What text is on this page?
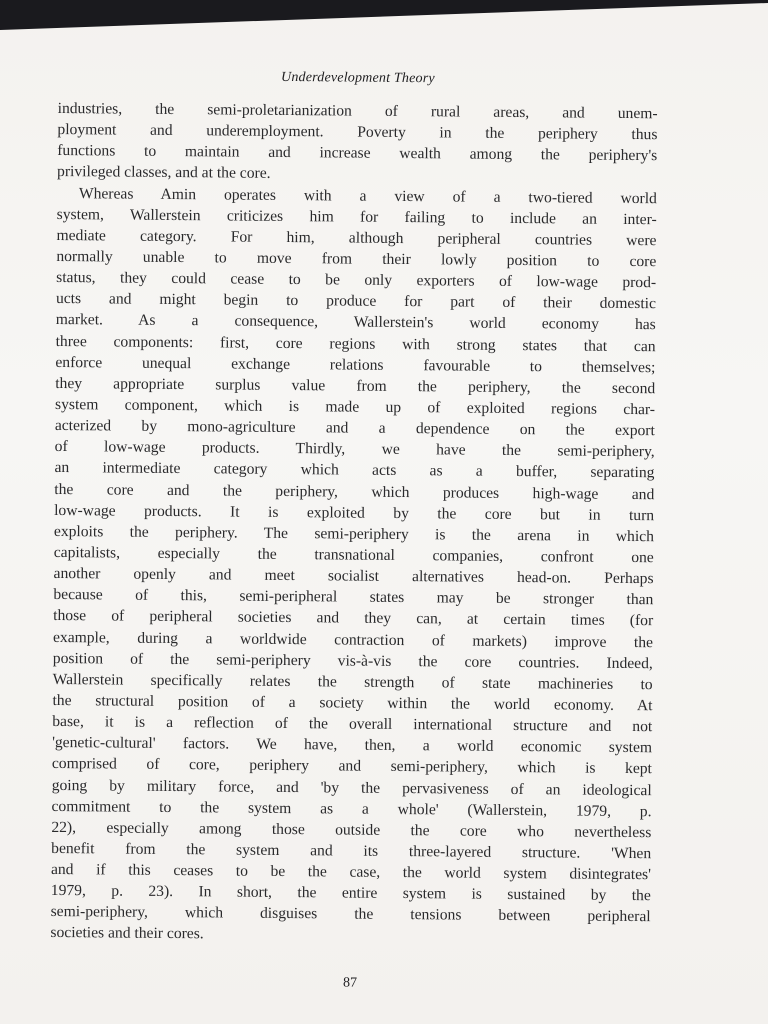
Underdevelopment Theory
industries, the semi-proletarianization of rural areas, and unem-
ployment and underemployment. Poverty in the periphery thus
functions to maintain and increase wealth among the periphery's
privileged classes, and at the core.
Whereas Amin operates with a view of a two-tiered world
system, Wallerstein criticizes him for failing to include an inter-
mediate category. For him, although peripheral countries were
normally unable to move from their lowly position to core
status, they could cease to be only exporters of low-wage prod-
ucts and might begin to produce for part of their domestic
market. As a consequence, Wallerstein's world economy has
three components: first, core regions with strong states that can
enforce unequal exchange relations favourable to themselves;
they appropriate surplus value from the periphery, the second
system component, which is made up of exploited regions char-
acterized by mono-agriculture and a dependence on the export
of low-wage products. Thirdly, we have the semi-periphery,
an intermediate category which acts as a buffer, separating
the core and the periphery, which produces high-wage and
low-wage products. It is exploited by the core but in turn
exploits the periphery. The semi-periphery is the arena in which
capitalists, especially the transnational companies, confront one
another openly and meet socialist alternatives head-on. Perhaps
because of this, semi-peripheral states may be stronger than
those of peripheral societies and they can, at certain times (for
example, during a worldwide contraction of markets) improve the
position of the semi-periphery vis-à-vis the core countries. Indeed,
Wallerstein specifically relates the strength of state machineries to
the structural position of a society within the world economy. At
base, it is a reflection of the overall international structure and not
'genetic-cultural' factors. We have, then, a world economic system
comprised of core, periphery and semi-periphery, which is kept
going by military force, and 'by the pervasiveness of an ideological
commitment to the system as a whole' (Wallerstein, 1979, p.
22), especially among those outside the core who nevertheless
benefit from the system and its three-layered structure. 'When
and if this ceases to be the case, the world system disintegrates'
1979, p. 23). In short, the entire system is sustained by the
semi-periphery, which disguises the tensions between peripheral
societies and their cores.
87
